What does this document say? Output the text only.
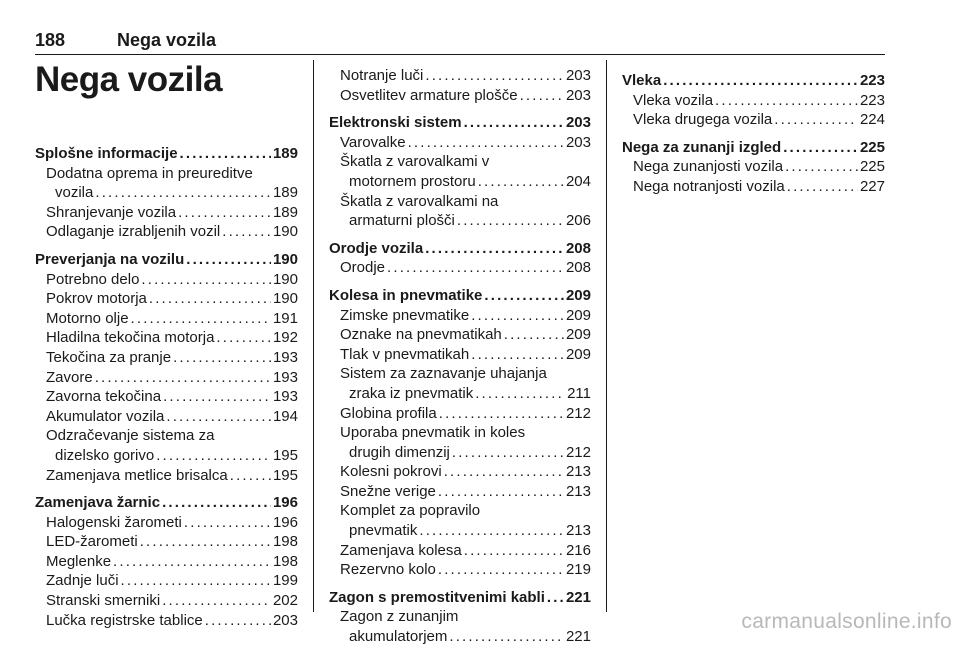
188	Nega vozila
Nega vozila
Splošne informacije . . .	189
Dodatna oprema in preureditve
vozila . . .	189
Shranjevanje vozila . . .	189
Odlaganje izrabljenih vozil . . .	190
Preverjanja na vozilu . . .	190
Potrebno delo . . .	190
Pokrov motorja . . .	190
Motorno olje . . .	191
Hladilna tekočina motorja . . .	192
Tekočina za pranje . . .	193
Zavore . . .	193
Zavorna tekočina . . .	193
Akumulator vozila . . .	194
Odzračevanje sistema za
dizelsko gorivo . . .	195
Zamenjava metlice brisalca . . .	195
Zamenjava žarnic . . .	196
Halogenski žarometi . . .	196
LED-žarometi . . .	198
Meglenke . . .	198
Zadnje luči . . .	199
Stranski smerniki . . .	202
Lučka registrske tablice . . .	203
Notranje luči . . .	203
Osvetlitev armature plošče . . .	203
Elektronski sistem . . .	203
Varovalke . . .	203
Škatla z varovalkami v
motornem prostoru . . .	204
Škatla z varovalkami na
armaturni plošči . . .	206
Orodje vozila . . .	208
Orodje . . .	208
Kolesa in pnevmatike . . .	209
Zimske pnevmatike . . .	209
Oznake na pnevmatikah . . .	209
Tlak v pnevmatikah . . .	209
Sistem za zaznavanje uhajanja
zraka iz pnevmatik . . .	211
Globina profila . . .	212
Uporaba pnevmatik in koles
drugih dimenzij . . .	212
Kolesni pokrovi . . .	213
Snežne verige . . .	213
Komplet za popravilo
pnevmatik . . .	213
Zamenjava kolesa . . .	216
Rezervno kolo . . .	219
Zagon s premostitvenimi kabli . . . 221
Zagon z zunanjim
akumulatorjem . . .	221
Vleka . . .	223
Vleka vozila . . .	223
Vleka drugega vozila . . .	224
Nega za zunanji izgled . . .	225
Nega zunanjosti vozila . . .	225
Nega notranjosti vozila . . .	227
carmanualsonline.info
